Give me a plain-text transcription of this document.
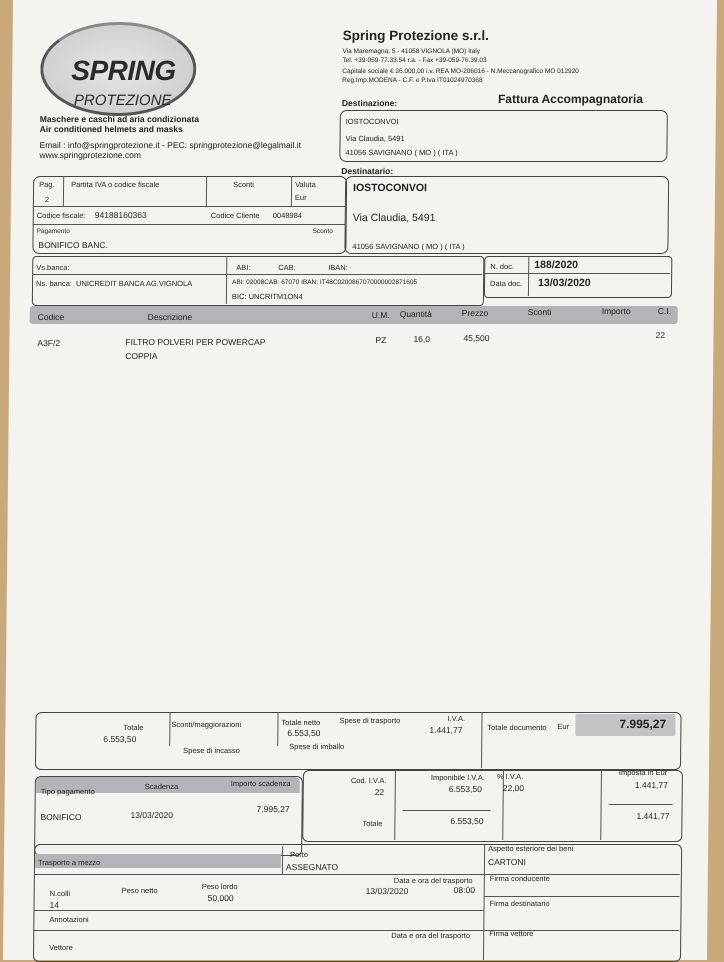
SPRING
PROTEZIONE
Maschere e caschi ad aria condizionata
Air conditioned helmets and masks
Email : info@springprotezione.it - PEC: springprotezione@legalmail.it
www.springprotezione.com
Spring Protezione s.r.l.
Via Maremagna, 5 - 41058 VIGNOLA (MO) Italy
Tel. +39-059-77.33.54 r.a. - Fax +39-059-76.39.03
Capitale sociale € 26.000,00 i.v. REA MO-206016 - N.Meccanografico MO 012920
Reg.Imp.MODENA - C.F. e P.Iva IT01024970368
Destinazione:	Fattura Accompagnatoria
IOSTOCONVOI
Via Claudia, 5491
41056 SAVIGNANO ( MO ) ( ITA )
Destinatario:
Pag.
2
Partita IVA o codice fiscale	Sconti	Valuta
Eur
Codice fiscale: 94188160363	Codice Cliente 0048984
Pagamento	Sconto
BONIFICO BANC.
IOSTOCONVOI
Via Claudia, 5491
41056 SAVIGNANO ( MO ) ( ITA )
Vs.banca:	ABI:	CAB:	IBAN:
Ns. banca: UNICREDIT BANCA AG.VIGNOLA	ABI: 02008CAB: 67070 IBAN: IT48C0200867070000002871605
BIC: UNCRITM1ON4
N. doc. 188/2020
Data doc. 13/03/2020
Codice	Descrizione	U.M. Quantità	Prezzo	Sconti	Importo	C.I.
A3F/2	FILTRO POLVERI PER POWERCAP
COPPIA
PZ	16,0	45,500	22
Totale
6.553,50
Sconti/maggiorazioni	Totale netto
6.553,50
Spese di trasporto	I.V.A.
1.441,77
Spese di incasso	Spese di imballo
Totale documento Eur	7.995,27
Tipo pagamento
Scadenza	Importo scadenza
BONIFICO	13/03/2020
7.995,27
Cod. I.V.A.
22
Imponibile I.V.A.
6.553,50
% I.V.A.
22,00
Imposta in Eur
1.441,77
Totale	6.553,50	1.441,77
Trasporto a mezzo
Porto
ASSEGNATO
Aspetto esteriore dei beni
CARTONI
N.colli
14
Peso netto	Peso lordo
50,000
Data e ora del trasporto
13/03/2020	08:00
Firma conducente
Firma destinatario
Annotazioni
Vettore
Data e ora del trasporto	Firma vettore
